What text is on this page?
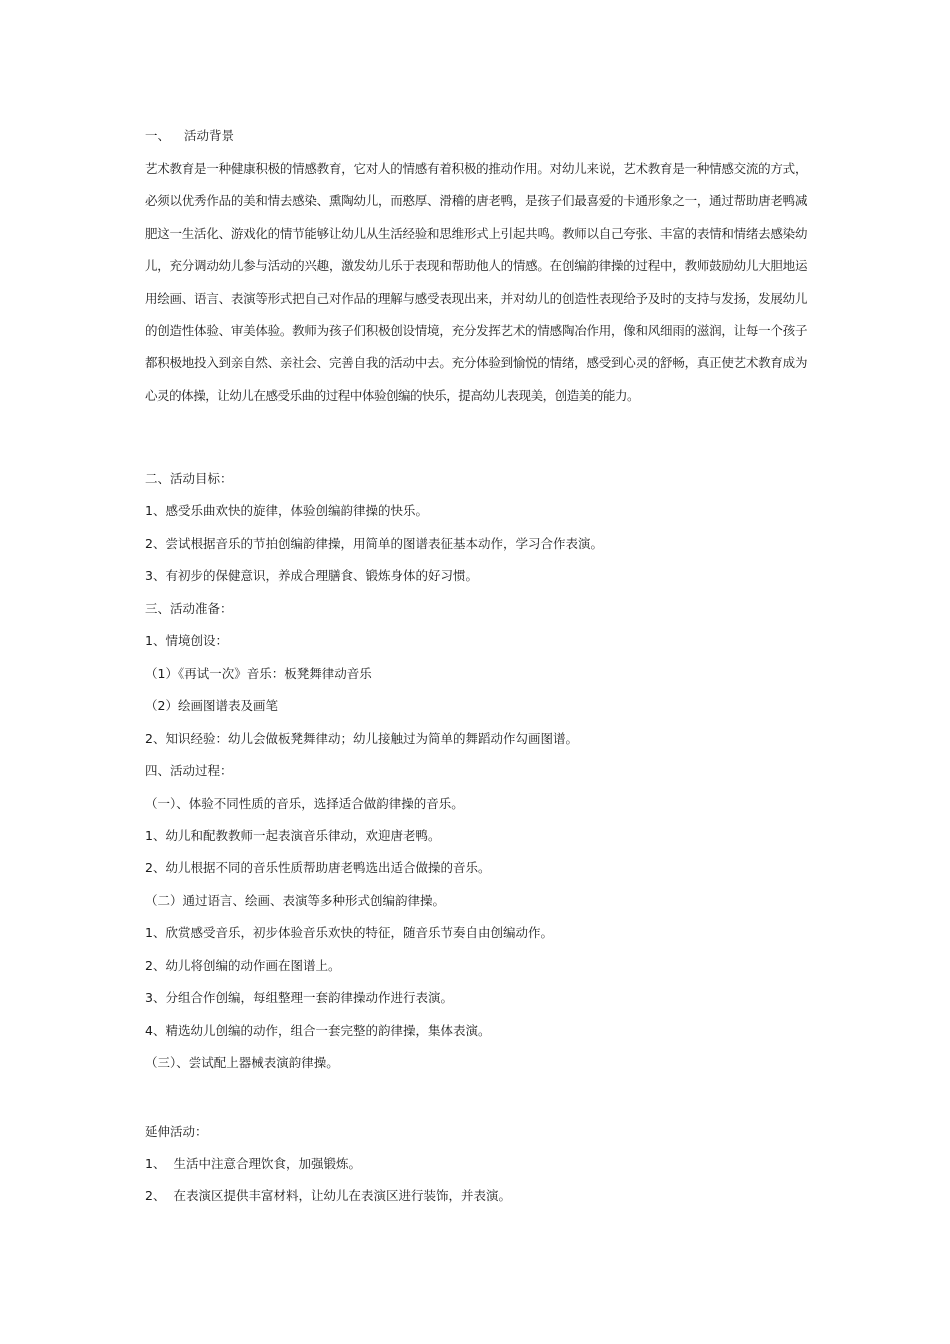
一、 活动背景
艺术教育是一种健康积极的情感教育，它对人的情感有着积极的推动作用。对幼儿来说，艺术教育是一种情感交流的方式，必须以优秀作品的美和情去感染、熏陶幼儿，而憨厚、滑稽的唐老鸭，是孩子们最喜爱的卡通形象之一，通过帮助唐老鸭减肥这一生活化、游戏化的情节能够让幼儿从生活经验和思维形式上引起共鸣。教师以自己夸张、丰富的表情和情绪去感染幼儿，充分调动幼儿参与活动的兴趣，激发幼儿乐于表现和帮助他人的情感。在创编韵律操的过程中，教师鼓励幼儿大胆地运用绘画、语言、表演等形式把自己对作品的理解与感受表现出来，并对幼儿的创造性表现给予及时的支持与发扬，发展幼儿的创造性体验、审美体验。教师为孩子们积极创设情境，充分发挥艺术的情感陶冶作用，像和风细雨的滋润，让每一个孩子都积极地投入到亲自然、亲社会、完善自我的活动中去。充分体验到愉悦的情绪，感受到心灵的舒畅，真正使艺术教育成为心灵的体操，让幼儿在感受乐曲的过程中体验创编的快乐，提高幼儿表现美，创造美的能力。
二、活动目标：
1、感受乐曲欢快的旋律，体验创编韵律操的快乐。
2、尝试根据音乐的节拍创编韵律操，用简单的图谱表征基本动作，学习合作表演。
3、有初步的保健意识，养成合理膳食、锻炼身体的好习惯。
三、活动准备：
1、情境创设：
（1）《再试一次》音乐：板凳舞律动音乐
（2）绘画图谱表及画笔
2、知识经验：幼儿会做板凳舞律动；幼儿接触过为简单的舞蹈动作勾画图谱。
四、活动过程：
（一）、体验不同性质的音乐，选择适合做韵律操的音乐。
1、幼儿和配教教师一起表演音乐律动，欢迎唐老鸭。
2、幼儿根据不同的音乐性质帮助唐老鸭选出适合做操的音乐。
（二）通过语言、绘画、表演等多种形式创编韵律操。
1、欣赏感受音乐，初步体验音乐欢快的特征，随音乐节奏自由创编动作。
2、幼儿将创编的动作画在图谱上。
3、分组合作创编，每组整理一套韵律操动作进行表演。
4、精选幼儿创编的动作，组合一套完整的韵律操，集体表演。
（三）、尝试配上器械表演韵律操。
延伸活动：
1、 生活中注意合理饮食，加强锻炼。
2、 在表演区提供丰富材料，让幼儿在表演区进行装饰，并表演。
